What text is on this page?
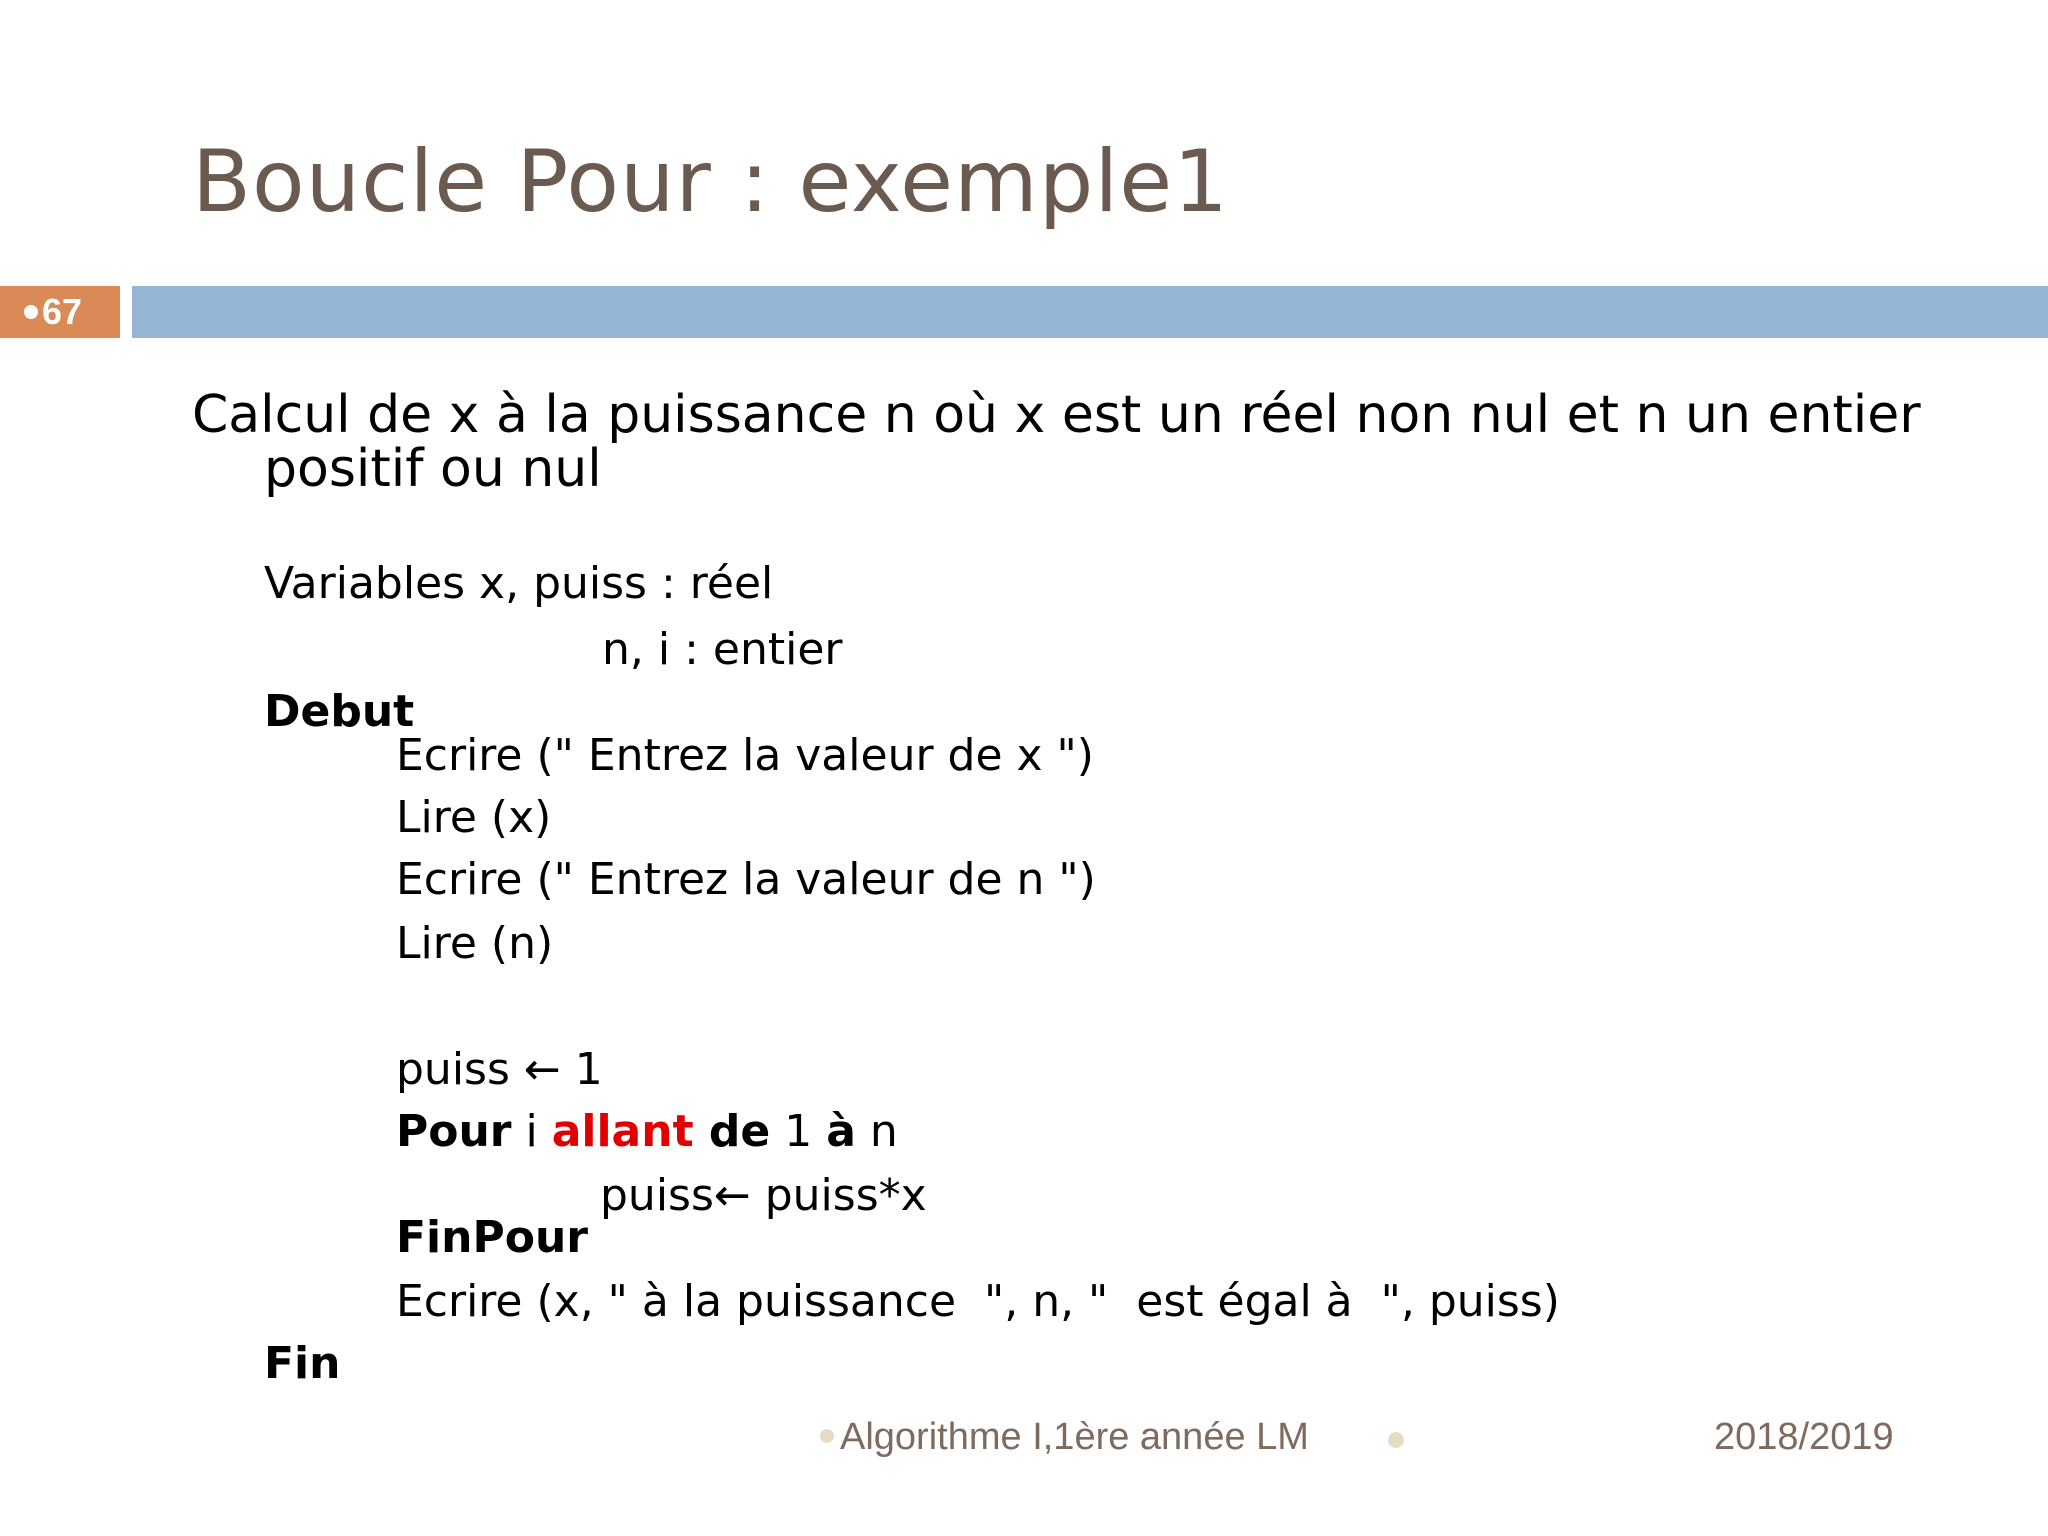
Boucle Pour : exemple1
67
Calcul de x à la puissance n où x est un réel non nul et n un entier positif ou nul
Variables x, puiss : réel
n, i : entier
Debut
Ecrire (" Entrez la valeur de x ")
Lire (x)
Ecrire (" Entrez la valeur de n ")
Lire (n)
puiss ← 1
Pour i allant de 1 à n
puiss← puiss*x
FinPour
Ecrire (x, " à la puissance  ", n, "  est égal à  ", puiss)
Fin
Algorithme I,1ère année LM	2018/2019
